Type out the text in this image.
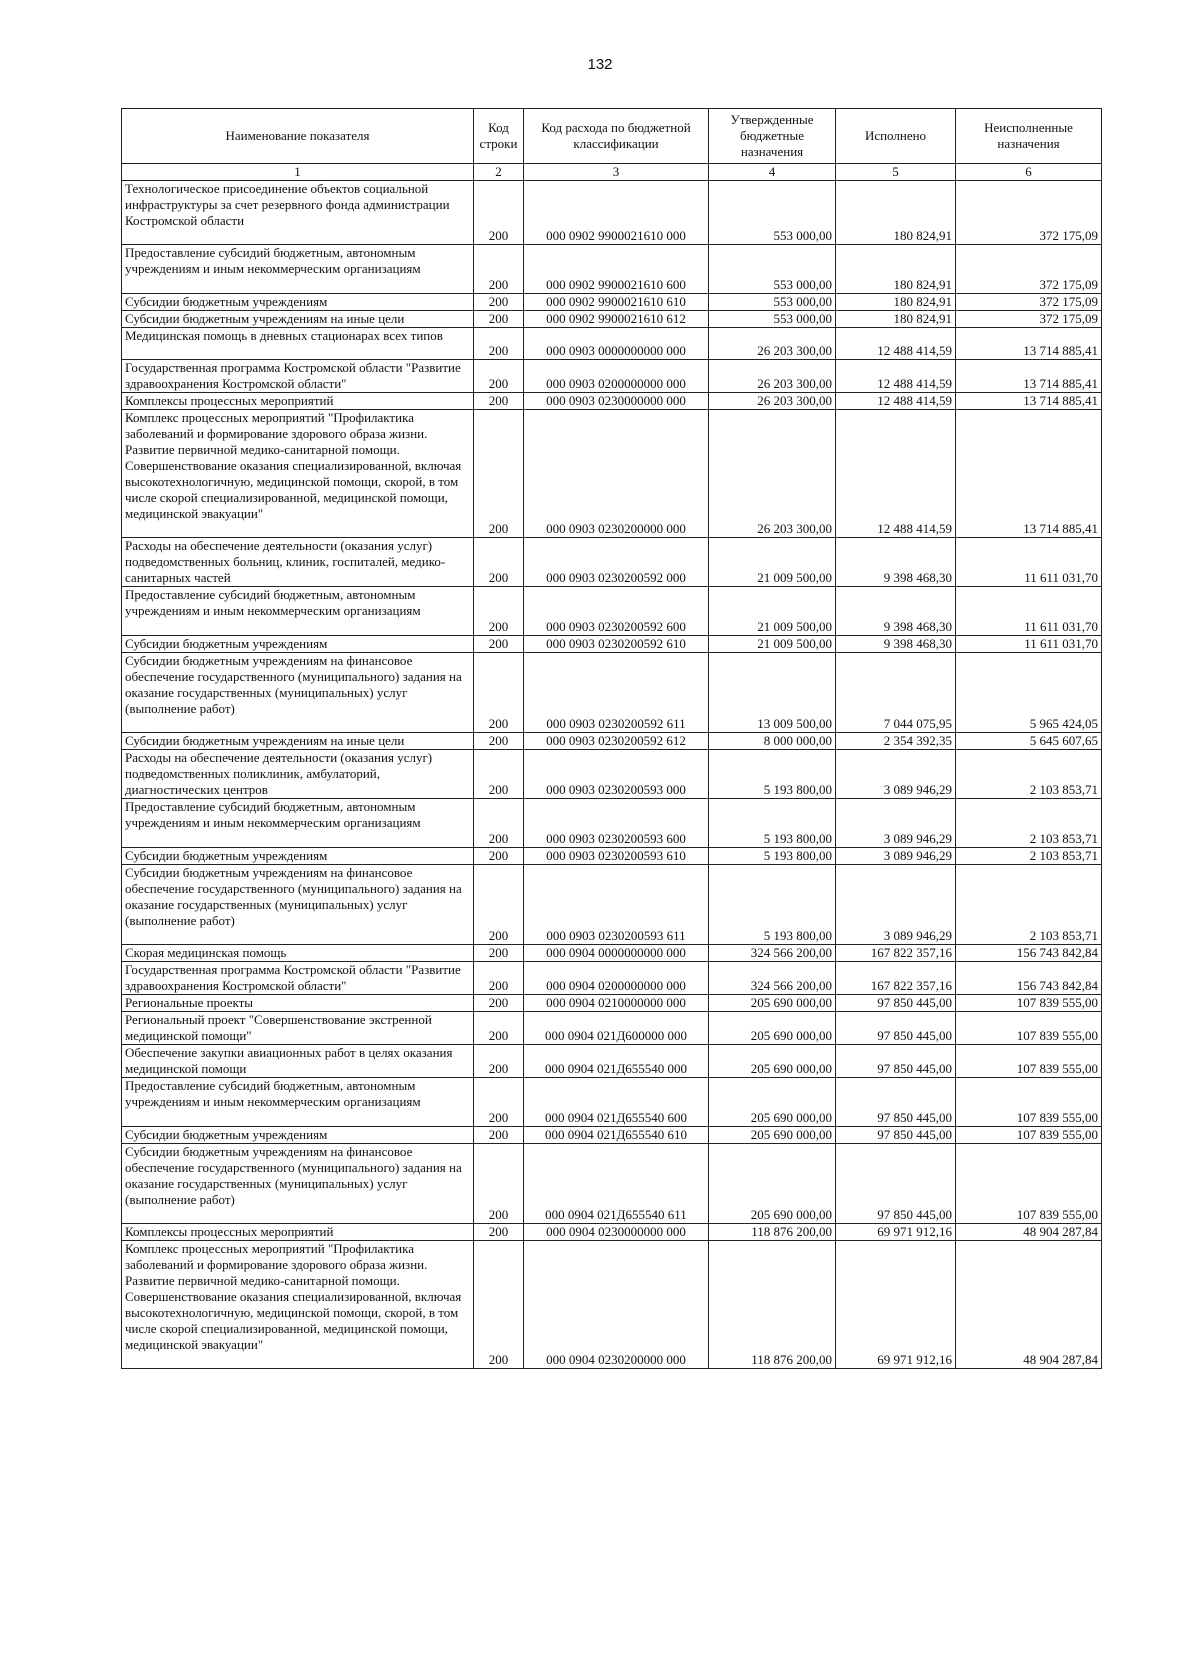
132
Наименование показателя	Код строки	Код расхода по бюджетной классификации	Утвержденные бюджетные назначения	Исполнено	Неисполненные назначения
1	2	3	4	5	6
Технологическое присоединение объектов социальной инфраструктуры за счет резервного фонда администрации Костромской области	200	000 0902 9900021610 000	553 000,00	180 824,91	372 175,09
Предоставление субсидий бюджетным, автономным учреждениям и иным некоммерческим организациям	200	000 0902 9900021610 600	553 000,00	180 824,91	372 175,09
Субсидии бюджетным учреждениям	200	000 0902 9900021610 610	553 000,00	180 824,91	372 175,09
Субсидии бюджетным учреждениям на иные цели	200	000 0902 9900021610 612	553 000,00	180 824,91	372 175,09
Медицинская помощь в дневных стационарах всех типов	200	000 0903 0000000000 000	26 203 300,00	12 488 414,59	13 714 885,41
Государственная программа Костромской области "Развитие здравоохранения Костромской области"	200	000 0903 0200000000 000	26 203 300,00	12 488 414,59	13 714 885,41
Комплексы процессных мероприятий	200	000 0903 0230000000 000	26 203 300,00	12 488 414,59	13 714 885,41
Комплекс процессных мероприятий "Профилактика заболеваний и формирование здорового образа жизни. Развитие первичной медико-санитарной помощи. Совершенствование оказания специализированной, включая высокотехнологичную, медицинской помощи, скорой, в том числе скорой специализированной, медицинской помощи, медицинской эвакуации"	200	000 0903 0230200000 000	26 203 300,00	12 488 414,59	13 714 885,41
Расходы на обеспечение деятельности (оказания услуг) подведомственных больниц, клиник, госпиталей, медико-санитарных частей	200	000 0903 0230200592 000	21 009 500,00	9 398 468,30	11 611 031,70
Предоставление субсидий бюджетным, автономным учреждениям и иным некоммерческим организациям	200	000 0903 0230200592 600	21 009 500,00	9 398 468,30	11 611 031,70
Субсидии бюджетным учреждениям	200	000 0903 0230200592 610	21 009 500,00	9 398 468,30	11 611 031,70
Субсидии бюджетным учреждениям на финансовое обеспечение государственного (муниципального) задания на оказание государственных (муниципальных) услуг (выполнение работ)	200	000 0903 0230200592 611	13 009 500,00	7 044 075,95	5 965 424,05
Субсидии бюджетным учреждениям на иные цели	200	000 0903 0230200592 612	8 000 000,00	2 354 392,35	5 645 607,65
Расходы на обеспечение деятельности (оказания услуг) подведомственных поликлиник, амбулаторий, диагностических центров	200	000 0903 0230200593 000	5 193 800,00	3 089 946,29	2 103 853,71
Предоставление субсидий бюджетным, автономным учреждениям и иным некоммерческим организациям	200	000 0903 0230200593 600	5 193 800,00	3 089 946,29	2 103 853,71
Субсидии бюджетным учреждениям	200	000 0903 0230200593 610	5 193 800,00	3 089 946,29	2 103 853,71
Субсидии бюджетным учреждениям на финансовое обеспечение государственного (муниципального) задания на оказание государственных (муниципальных) услуг (выполнение работ)	200	000 0903 0230200593 611	5 193 800,00	3 089 946,29	2 103 853,71
Скорая медицинская помощь	200	000 0904 0000000000 000	324 566 200,00	167 822 357,16	156 743 842,84
Государственная программа Костромской области "Развитие здравоохранения Костромской области"	200	000 0904 0200000000 000	324 566 200,00	167 822 357,16	156 743 842,84
Региональные проекты	200	000 0904 0210000000 000	205 690 000,00	97 850 445,00	107 839 555,00
Региональный проект "Совершенствование экстренной медицинской помощи"	200	000 0904 021Д600000 000	205 690 000,00	97 850 445,00	107 839 555,00
Обеспечение закупки авиационных работ в целях оказания медицинской помощи	200	000 0904 021Д655540 000	205 690 000,00	97 850 445,00	107 839 555,00
Предоставление субсидий бюджетным, автономным учреждениям и иным некоммерческим организациям	200	000 0904 021Д655540 600	205 690 000,00	97 850 445,00	107 839 555,00
Субсидии бюджетным учреждениям	200	000 0904 021Д655540 610	205 690 000,00	97 850 445,00	107 839 555,00
Субсидии бюджетным учреждениям на финансовое обеспечение государственного (муниципального) задания на оказание государственных (муниципальных) услуг (выполнение работ)	200	000 0904 021Д655540 611	205 690 000,00	97 850 445,00	107 839 555,00
Комплексы процессных мероприятий	200	000 0904 0230000000 000	118 876 200,00	69 971 912,16	48 904 287,84
Комплекс процессных мероприятий "Профилактика заболеваний и формирование здорового образа жизни. Развитие первичной медико-санитарной помощи. Совершенствование оказания специализированной, включая высокотехнологичную, медицинской помощи, скорой, в том числе скорой специализированной, медицинской помощи, медицинской эвакуации"	200	000 0904 0230200000 000	118 876 200,00	69 971 912,16	48 904 287,84
